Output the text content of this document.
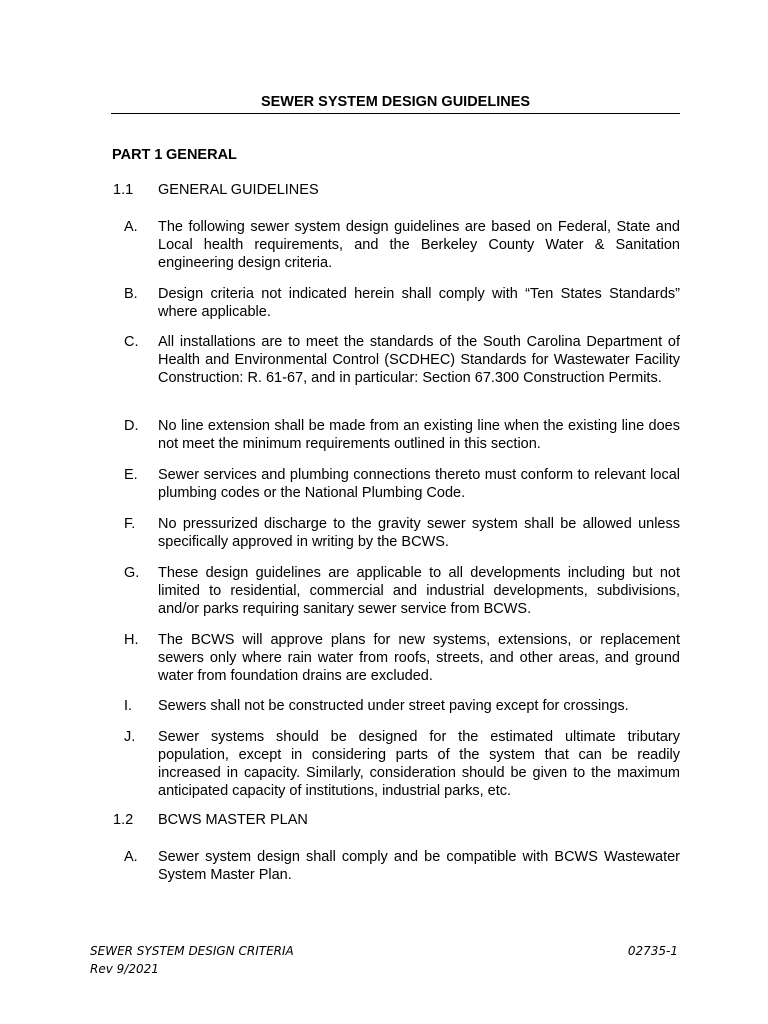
SEWER SYSTEM DESIGN GUIDELINES
PART 1 GENERAL
1.1 GENERAL GUIDELINES
A. The following sewer system design guidelines are based on Federal, State and Local health requirements, and the Berkeley County Water & Sanitation engineering design criteria.
B. Design criteria not indicated herein shall comply with “Ten States Standards” where applicable.
C. All installations are to meet the standards of the South Carolina Department of Health and Environmental Control (SCDHEC) Standards for Wastewater Facility Construction: R. 61-67, and in particular: Section 67.300 Construction Permits.
D. No line extension shall be made from an existing line when the existing line does not meet the minimum requirements outlined in this section.
E. Sewer services and plumbing connections thereto must conform to relevant local plumbing codes or the National Plumbing Code.
F. No pressurized discharge to the gravity sewer system shall be allowed unless specifically approved in writing by the BCWS.
G. These design guidelines are applicable to all developments including but not limited to residential, commercial and industrial developments, subdivisions, and/or parks requiring sanitary sewer service from BCWS.
H. The BCWS will approve plans for new systems, extensions, or replacement sewers only where rain water from roofs, streets, and other areas, and ground water from foundation drains are excluded.
I. Sewers shall not be constructed under street paving except for crossings.
J. Sewer systems should be designed for the estimated ultimate tributary population, except in considering parts of the system that can be readily increased in capacity. Similarly, consideration should be given to the maximum anticipated capacity of institutions, industrial parks, etc.
1.2 BCWS MASTER PLAN
A. Sewer system design shall comply and be compatible with BCWS Wastewater System Master Plan.
SEWER SYSTEM DESIGN CRITERIA
Rev 9/2021
02735-1
